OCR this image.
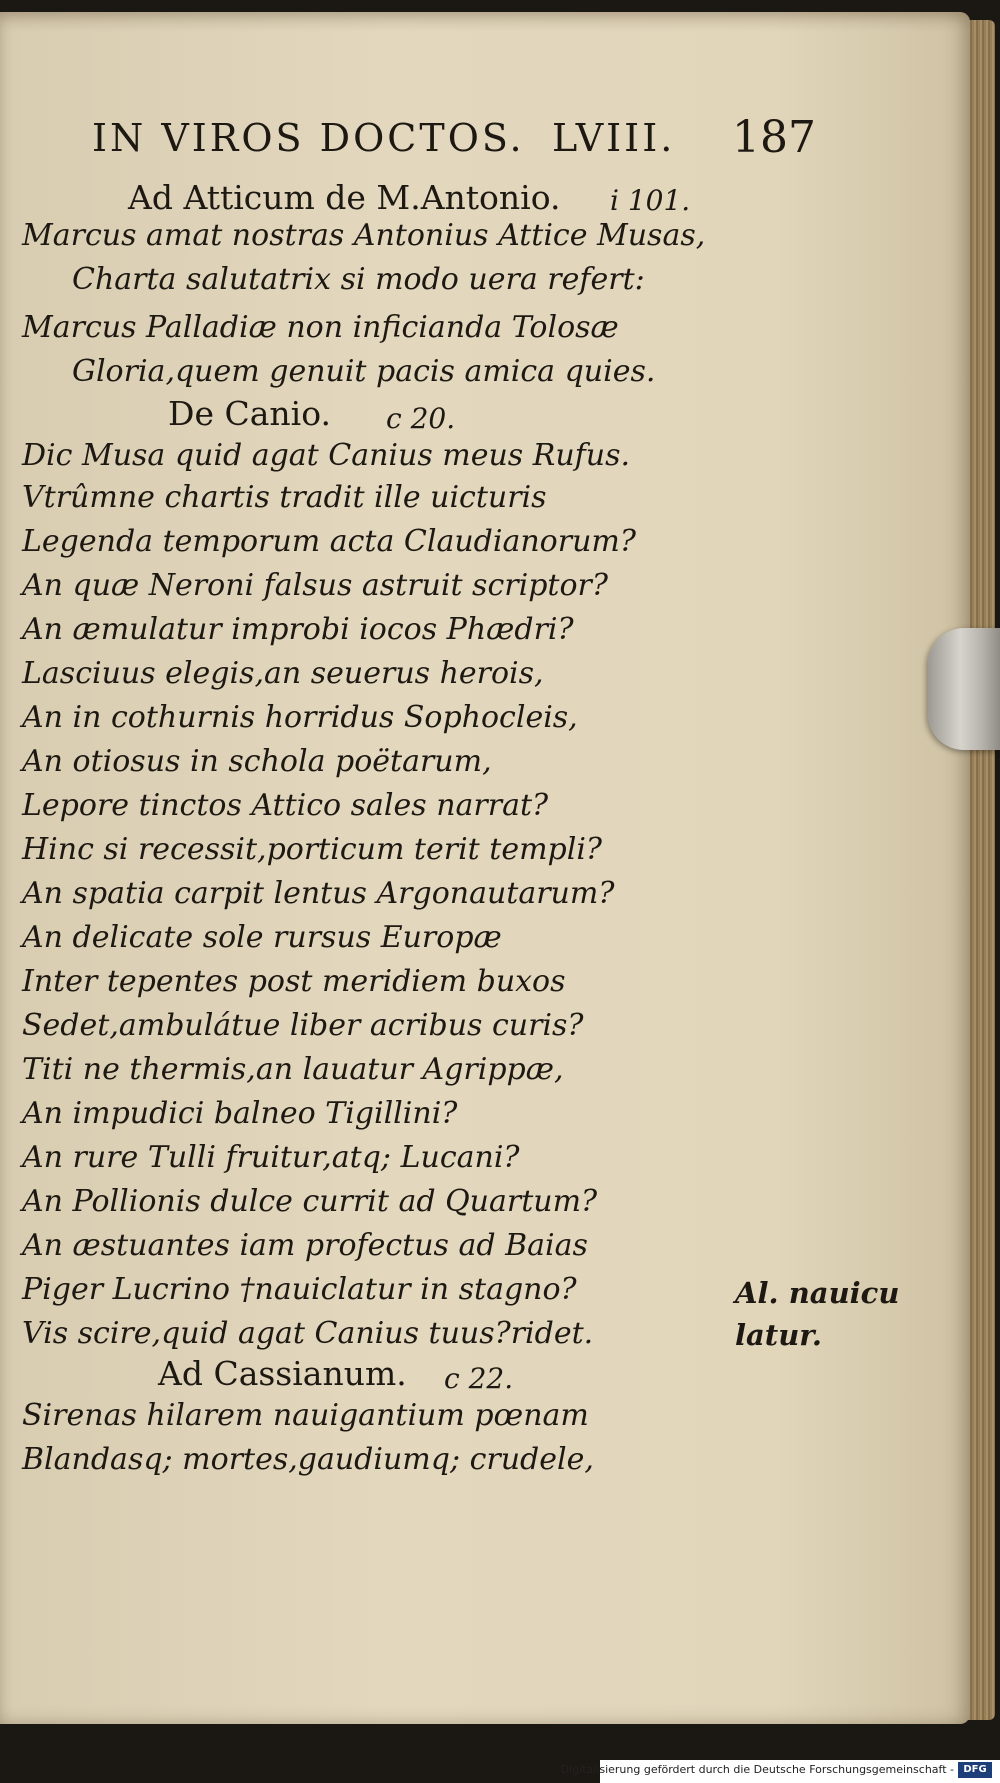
IN VIROS DOCTOS. LVIII. 187
Ad Atticum de M.Antonio. i 101.
Marcus amat nostras Antonius Attice Musas,
Charta salutatrix si modo uera refert:
Marcus Palladiæ non inficianda Tolosæ
Gloria,quem genuit pacis amica quies.
De Canio. c 20.
Dic Musa quid agat Canius meus Rufus.
Vtrûmne chartis tradit ille uicturis
Legenda temporum acta Claudianorum?
An quæ Neroni falsus astruit scriptor?
An æmulatur improbi iocos Phædri?
Lasciuus elegis,an seuerus herois,
An in cothurnis horridus Sophocleis,
An otiosus in schola poëtarum,
Lepore tinctos Attico sales narrat?
Hinc si recessit,porticum terit templi?
An spatia carpit lentus Argonautarum?
An delicate sole rursus Europæ
Inter tepentes post meridiem buxos
Sedet,ambulátue liber acribus curis?
Titi ne thermis,an lauatur Agrippæ,
An impudici balneo Tigillini?
An rure Tulli fruitur,atq; Lucani?
An Pollionis dulce currit ad Quartum?
An æstuantes iam profectus ad Baias
Piger Lucrino †nauiclatur in stagno?
Vis scire,quid agat Canius tuus?ridet.
Ad Cassianum. c 22.
Sirenas hilarem nauigantium pœnam
Blandasq; mortes,gaudiumq; crudele,
Al. nauicu
latur.
Digitalisierung gefördert durch die Deutsche Forschungsgemeinschaft - DFG
